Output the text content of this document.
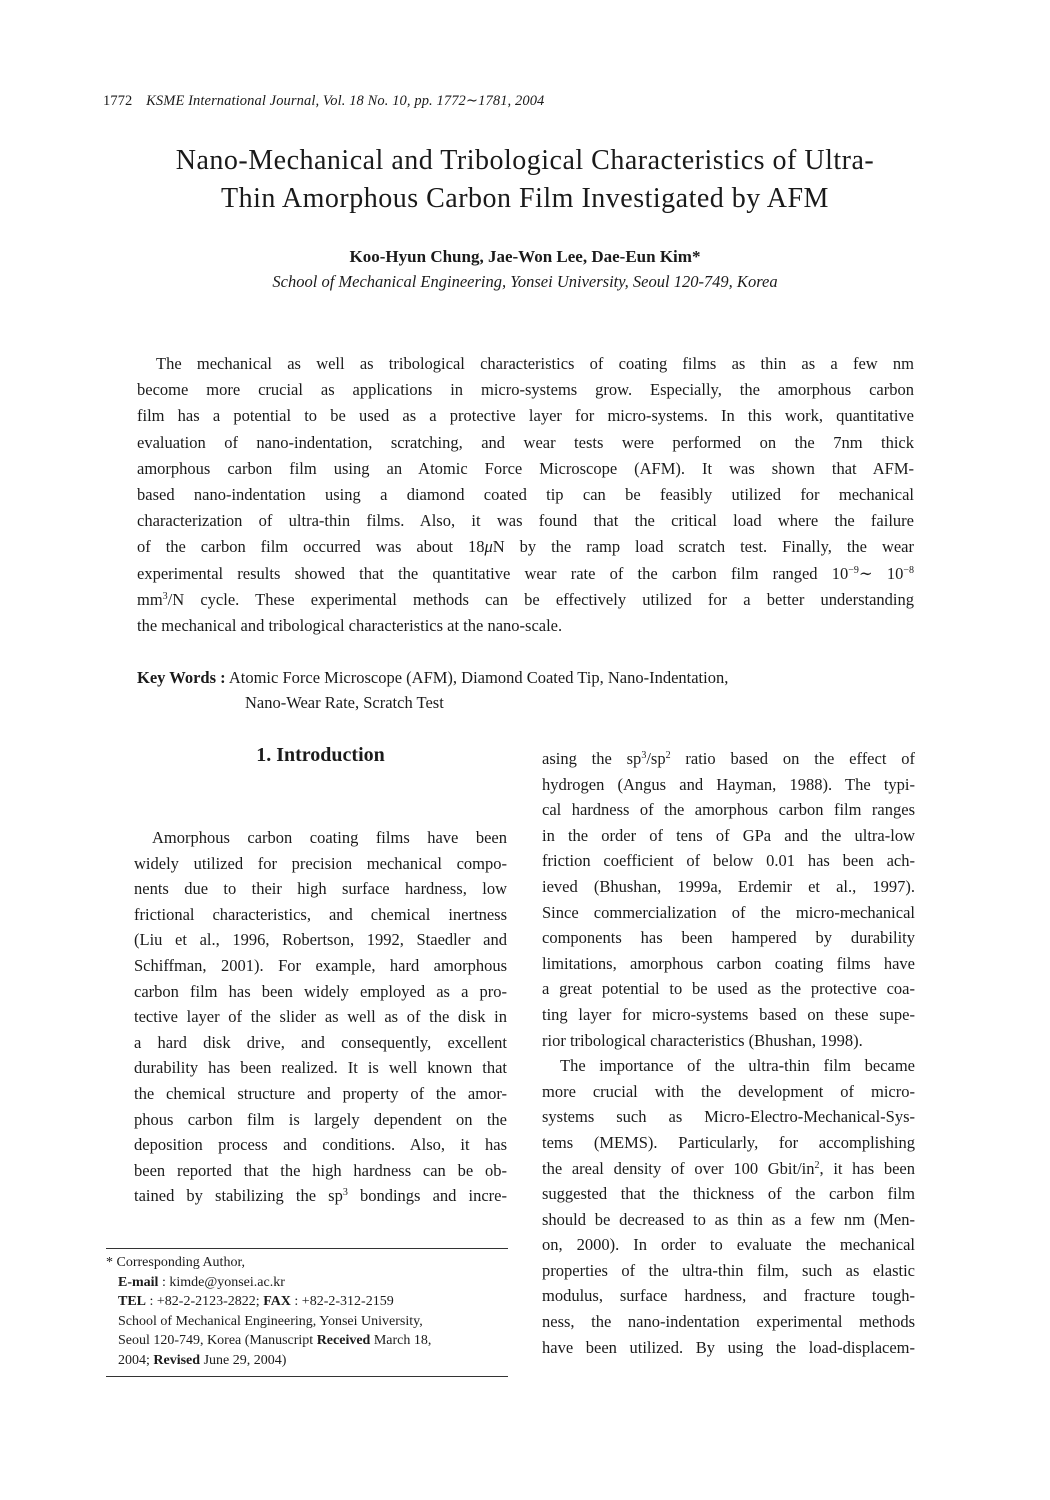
1772 KSME International Journal, Vol. 18 No. 10, pp. 1772∼1781, 2004
Nano-Mechanical and Tribological Characteristics of Ultra-
Thin Amorphous Carbon Film Investigated by AFM
Koo-Hyun Chung, Jae-Won Lee, Dae-Eun Kim*
School of Mechanical Engineering, Yonsei University, Seoul 120-749, Korea
The mechanical as well as tribological characteristics of coating films as thin as a few nm
become more crucial as applications in micro-systems grow. Especially, the amorphous carbon
film has a potential to be used as a protective layer for micro-systems. In this work, quantitative
evaluation of nano-indentation, scratching, and wear tests were performed on the 7nm thick
amorphous carbon film using an Atomic Force Microscope (AFM). It was shown that AFM-
based nano-indentation using a diamond coated tip can be feasibly utilized for mechanical
characterization of ultra-thin films. Also, it was found that the critical load where the failure
of the carbon film occurred was about 18μN by the ramp load scratch test. Finally, the wear
experimental results showed that the quantitative wear rate of the carbon film ranged $10^{-9}\sim$ $10^{-8}$
$mm^3/N$ cycle. These experimental methods can be effectively utilized for a better understanding
the mechanical and tribological characteristics at the nano-scale.
Key Words : Atomic Force Microscope (AFM), Diamond Coated Tip, Nano-Indentation,
Nano-Wear Rate, Scratch Test
1. Introduction
Amorphous carbon coating films have been
widely utilized for precision mechanical compo-
nents due to their high surface hardness, low
frictional characteristics, and chemical inertness
(Liu et al., 1996, Robertson, 1992, Staedler and
Schiffman, 2001). For example, hard amorphous
carbon film has been widely employed as a pro-
tective layer of the slider as well as of the disk in
a hard disk drive, and consequently, excellent
durability has been realized. It is well known that
the chemical structure and property of the amor-
phous carbon film is largely dependent on the
deposition process and conditions. Also, it has
been reported that the high hardness can be ob-
tained by stabilizing the $sp^3$ bondings and incre-
asing the $sp^3/sp^2$ ratio based on the effect of
hydrogen (Angus and Hayman, 1988). The typi-
cal hardness of the amorphous carbon film ranges
in the order of tens of GPa and the ultra-low
friction coefficient of below 0.01 has been ach-
ieved (Bhushan, 1999a, Erdemir et al., 1997).
Since commercialization of the micro-mechanical
components has been hampered by durability
limitations, amorphous carbon coating films have
a great potential to be used as the protective coa-
ting layer for micro-systems based on these supe-
rior tribological characteristics (Bhushan, 1998).
The importance of the ultra-thin film became
more crucial with the development of micro-
systems such as Micro-Electro-Mechanical-Sys-
tems (MEMS). Particularly, for accomplishing
the areal density of over 100 Gbit/$in^2$, it has been
suggested that the thickness of the carbon film
should be decreased to as thin as a few nm (Men-
on, 2000). In order to evaluate the mechanical
properties of the ultra-thin film, such as elastic
modulus, surface hardness, and fracture tough-
ness, the nano-indentation experimental methods
have been utilized. By using the load-displacem-
* Corresponding Author,
E-mail : kimde@yonsei.ac.kr
TEL : +82-2-2123-2822; FAX : +82-2-312-2159
School of Mechanical Engineering, Yonsei University,
Seoul 120-749, Korea (Manuscript Received March 18,
2004; Revised June 29, 2004)
